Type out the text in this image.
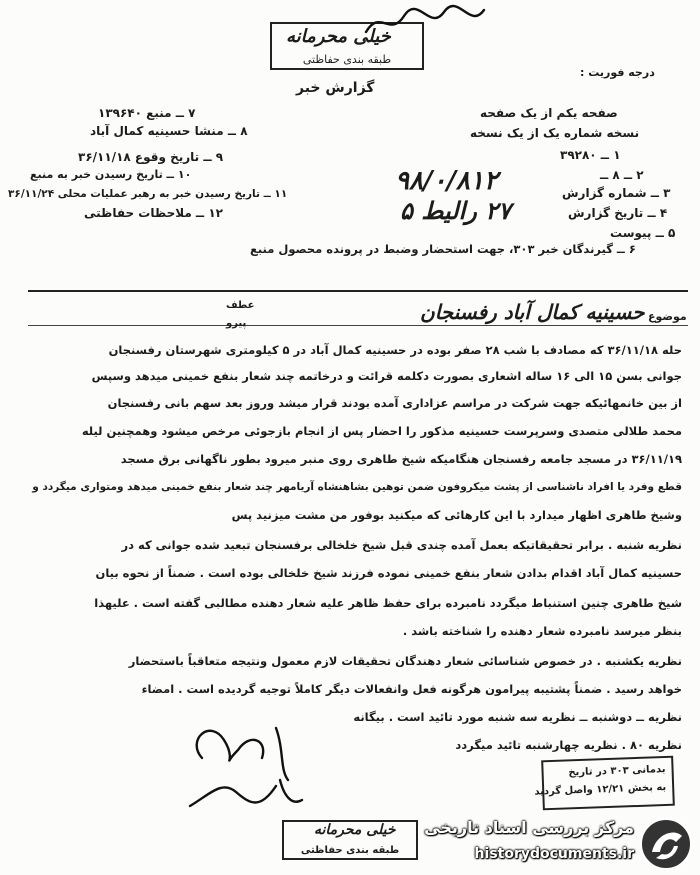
خیلی محرمانه
طبقه بندی حفاظتی
درجه فوریت :
گزارش خبر
صفحه یکم از یک صفحه
نسخه شماره یک از یک نسخه
۱ ــ ۳۹۲۸۰
۲ ــ ۸ ــ
۳ ــ شماره گزارش
۴ ــ تاریخ گزارش
۵ ــ پیوست
۶ ــ گیرندگان خبر ۳۰۳، جهت استحضار وضبط در پرونده محصول منبع
۷ ــ منبع ۱۳۹۶۴۰
۸ ــ منشا حسینیه کمال آباد
۹ ــ تاریخ وقوع ۳۶/۱۱/۱۸
۱۰ ــ تاریخ رسیدن خبر به منبع
۱۱ ــ تاریخ رسیدن خبر به رهبر عملیات محلی ۳۶/۱۱/۲۴
۱۲ ــ ملاحظات حفاظتی
۹۸/۰/۸۱۲
۲۷ رالیط ۵
عطف
پیرو
موضوع
حسینیه کمال آباد رفسنجان
حله ۳۶/۱۱/۱۸ که مصادف با شب ۲۸ صفر بوده در حسینیه کمال آباد در ۵ کیلومتری شهرستان رفسنجان
جوانی بسن ۱۵ الی ۱۶ ساله اشعاری بصورت دکلمه قرائت و درخاتمه چند شعار بنفع خمینی میدهد وسپس
از بین خانمهائیکه جهت شرکت در مراسم عزاداری آمده بودند قرار میشد وروز بعد سهم بانی رفسنجان
محمد طلا‌لی متصدی وسرپرست حسینیه مذکور را احضار پس از انجام بازجوئی مرخص میشود وهمچنین لیله
۳۶/۱۱/۱۹ در مسجد جامعه رفسنجان هنگامیکه شیخ طاهری روی منبر میرود بطور ناگهانی برق مسجد
قطع وفرد یا افراد ناشناسی از پشت میکروفون ضمن توهین بشاهنشاه آریامهر چند شعار بنفع خمینی میدهد ومتواری میگردد و
وشیخ طاهری اظهار میدارد با این کارهائی که میکنید بوفور من مشت میزنید پس
نظریه شنبه . برابر تحقیقاتیکه بعمل آمده چندی قبل شیخ خلخالی برفسنجان تبعید شده جوانی که در
حسینیه کمال آباد اقدام بدادن شعار بنفع خمینی نموده فرزند شیخ خلخالی بوده است . ضمناً از نحوه بیان
شیخ طاهری چنین استنباط میگردد نامبرده برای حفظ ظاهر علیه شعار دهنده مطالبی گفته است . علیهذا
بنظر میرسد نامبرده شعار دهنده را شناخته باشد .
نظریه یکشنبه . در خصوص شناسائی شعار دهندگان تحقیقات لازم معمول ونتیجه متعاقباً باستحضار
خواهد رسید . ضمناً پشتیبه پیرامون هرگونه فعل وانفعالات دیگر کاملاً توجیه گردیده است . امضاء
نظریه ــ دوشنبه ــ نظریه سه شنبه مورد تائید است . بیگانه
نظریه ۸۰ . نظریه چهارشنبه تائید میگردد
بدمانی ۳۰۳ در تاریخ
به بخش ۱۲/۲۱ واصل گردید
خیلی محرمانه
طبقه بندی حفاظتی
مرکز بررسی اسناد تاریخی
historydocuments.ir
